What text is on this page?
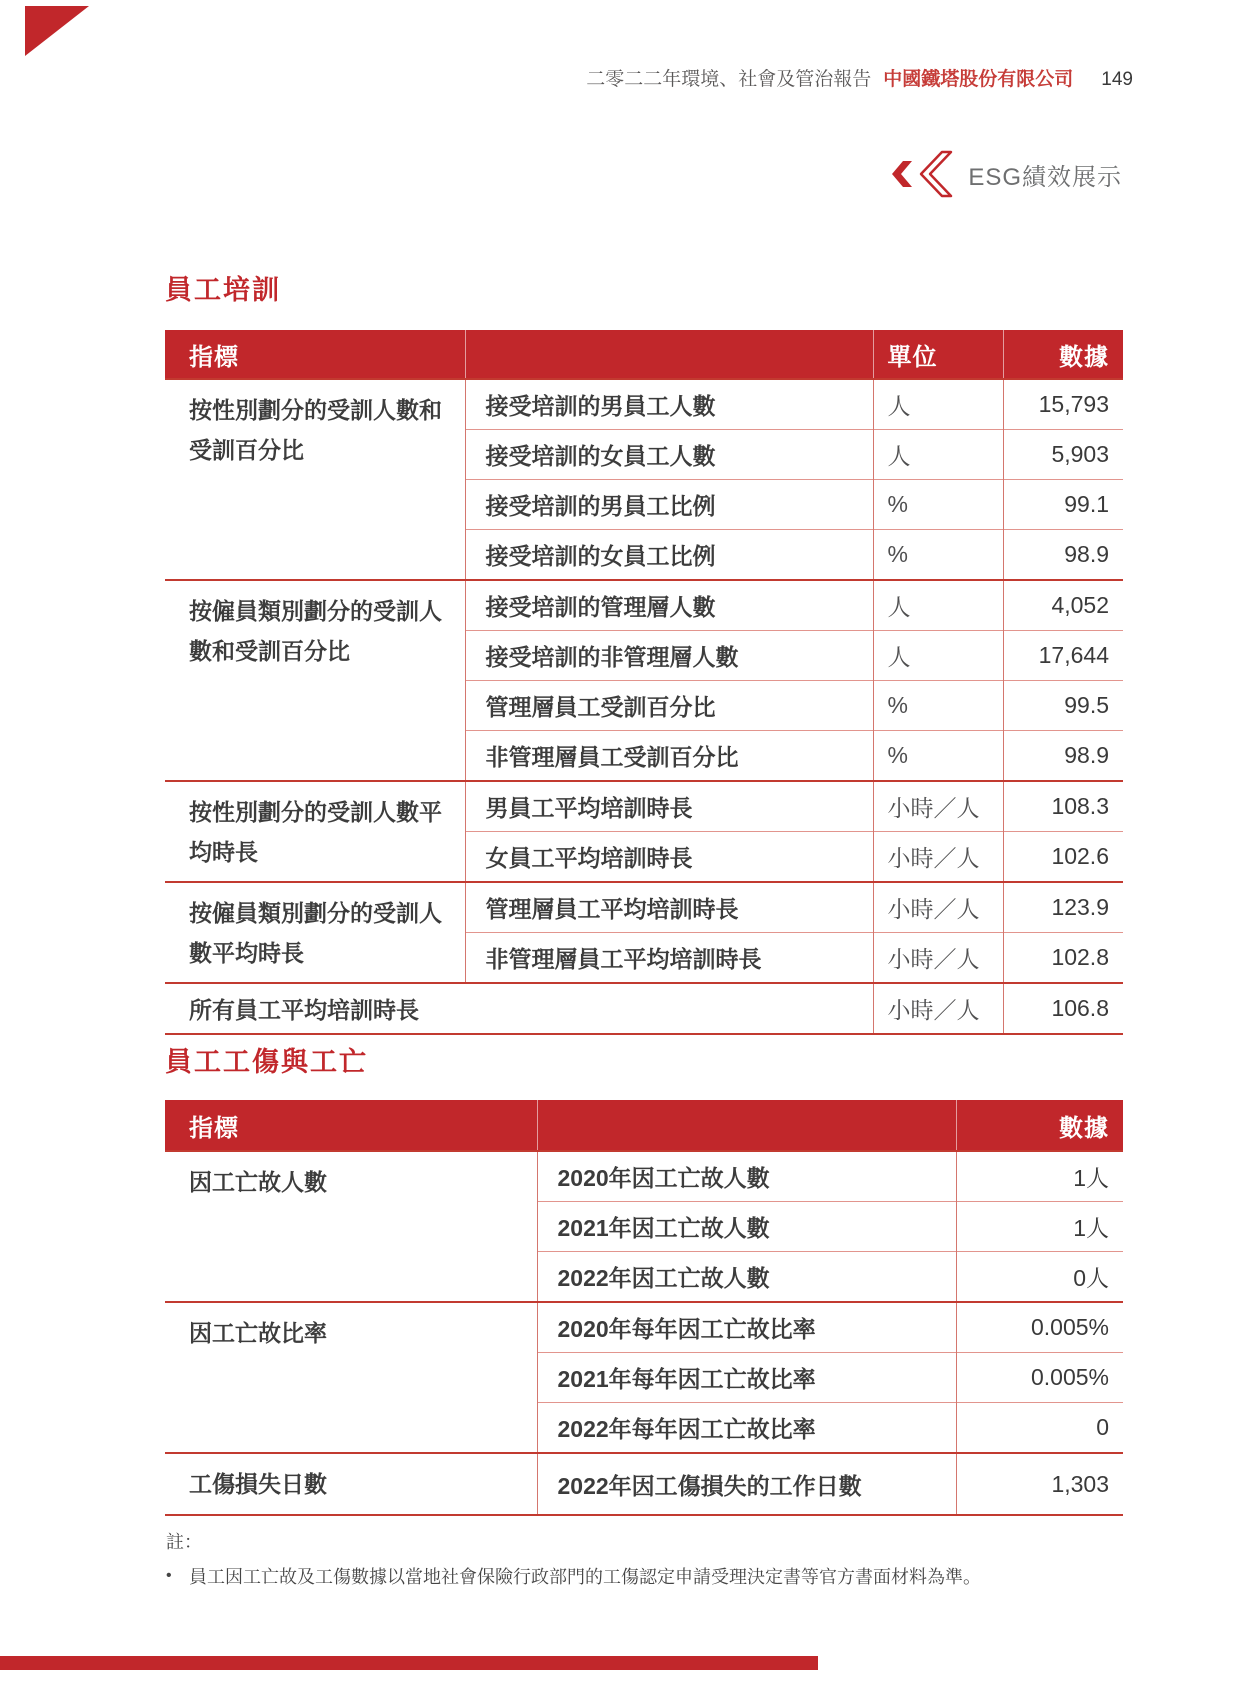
二零二二年環境、社會及管治報告 中國鐵塔股份有限公司 149
ESG績效展示
員工培訓
指標		單位	數據
按性別劃分的受訓人數和受訓百分比	接受培訓的男員工人數	人	15,793
	接受培訓的女員工人數	人	5,903
	接受培訓的男員工比例	%	99.1
	接受培訓的女員工比例	%	98.9
按僱員類別劃分的受訓人數和受訓百分比	接受培訓的管理層人數	人	4,052
	接受培訓的非管理層人數	人	17,644
	管理層員工受訓百分比	%	99.5
	非管理層員工受訓百分比	%	98.9
按性別劃分的受訓人數平均時長	男員工平均培訓時長	小時／人	108.3
	女員工平均培訓時長	小時／人	102.6
按僱員類別劃分的受訓人數平均時長	管理層員工平均培訓時長	小時／人	123.9
	非管理層員工平均培訓時長	小時／人	102.8
所有員工平均培訓時長		小時／人	106.8
員工工傷與工亡
指標		數據
因工亡故人數	2020年因工亡故人數	1人
	2021年因工亡故人數	1人
	2022年因工亡故人數	0人
因工亡故比率	2020年每年因工亡故比率	0.005%
	2021年每年因工亡故比率	0.005%
	2022年每年因工亡故比率	0
工傷損失日數	2022年因工傷損失的工作日數	1,303
註：
• 員工因工亡故及工傷數據以當地社會保險行政部門的工傷認定申請受理決定書等官方書面材料為準。
